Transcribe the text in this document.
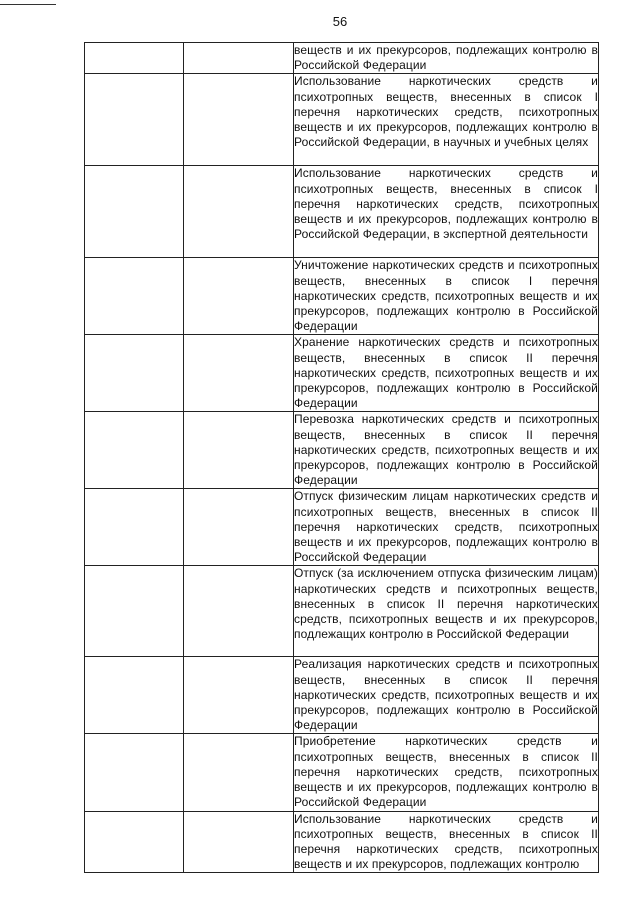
56

		веществ и их прекурсоров, подлежащих контролю в Российской Федерации

		Использование наркотических средств и психотропных веществ, внесенных в список I перечня наркотических средств, психотропных веществ и их прекурсоров, подлежащих контролю в Российской Федерации, в научных и учебных целях

		Использование наркотических средств и психотропных веществ, внесенных в список I перечня наркотических средств, психотропных веществ и их прекурсоров, подлежащих контролю в Российской Федерации, в экспертной деятельности

		Уничтожение наркотических средств и психотропных веществ, внесенных в список I перечня наркотических средств, психотропных веществ и их прекурсоров, подлежащих контролю в Российской Федерации

		Хранение наркотических средств и психотропных веществ, внесенных в список II перечня наркотических средств, психотропных веществ и их прекурсоров, подлежащих контролю в Российской Федерации

		Перевозка наркотических средств и психотропных веществ, внесенных в список II перечня наркотических средств, психотропных веществ и их прекурсоров, подлежащих контролю в Российской Федерации

		Отпуск физическим лицам наркотических средств и психотропных веществ, внесенных в список II перечня наркотических средств, психотропных веществ и их прекурсоров, подлежащих контролю в Российской Федерации

		Отпуск (за исключением отпуска физическим лицам) наркотических средств и психотропных веществ, внесенных в список II перечня наркотических средств, психотропных веществ и их прекурсоров, подлежащих контролю в Российской Федерации

		Реализация наркотических средств и психотропных веществ, внесенных в список II перечня наркотических средств, психотропных веществ и их прекурсоров, подлежащих контролю в Российской Федерации

		Приобретение наркотических средств и психотропных веществ, внесенных в список II перечня наркотических средств, психотропных веществ и их прекурсоров, подлежащих контролю в Российской Федерации

		Использование наркотических средств и психотропных веществ, внесенных в список II перечня наркотических средств, психотропных веществ и их прекурсоров, подлежащих контролю
